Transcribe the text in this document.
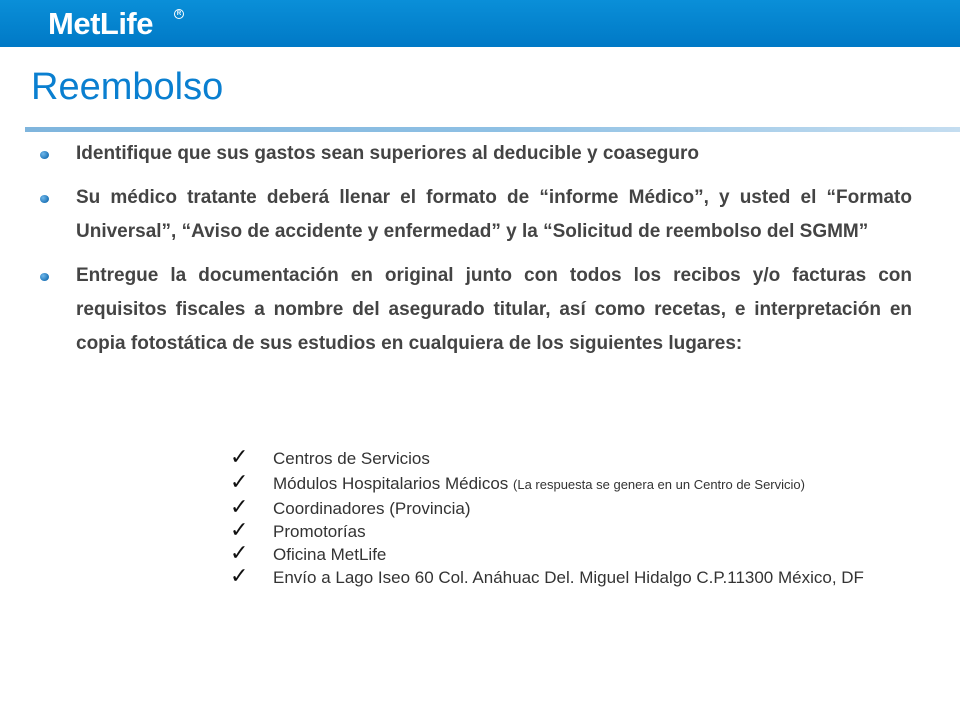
MetLife	R
Reembolso
Identifique que sus gastos sean superiores al deducible y coaseguro
Su médico tratante deberá llenar el formato de “informe Médico”, y usted el “Formato Universal”, “Aviso de accidente y enfermedad” y la “Solicitud de reembolso del SGMM”
Entregue la documentación en original junto con todos los recibos y/o facturas con requisitos fiscales a nombre del asegurado titular, así como recetas, e interpretación en copia fotostática de sus estudios en cualquiera de los siguientes lugares:
✓ Centros de Servicios
✓ Módulos Hospitalarios Médicos (La respuesta se genera en un Centro de Servicio)
✓ Coordinadores (Provincia)
✓ Promotorías
✓ Oficina MetLife
✓ Envío a Lago Iseo 60 Col. Anáhuac Del. Miguel Hidalgo C.P.11300 México, DF
